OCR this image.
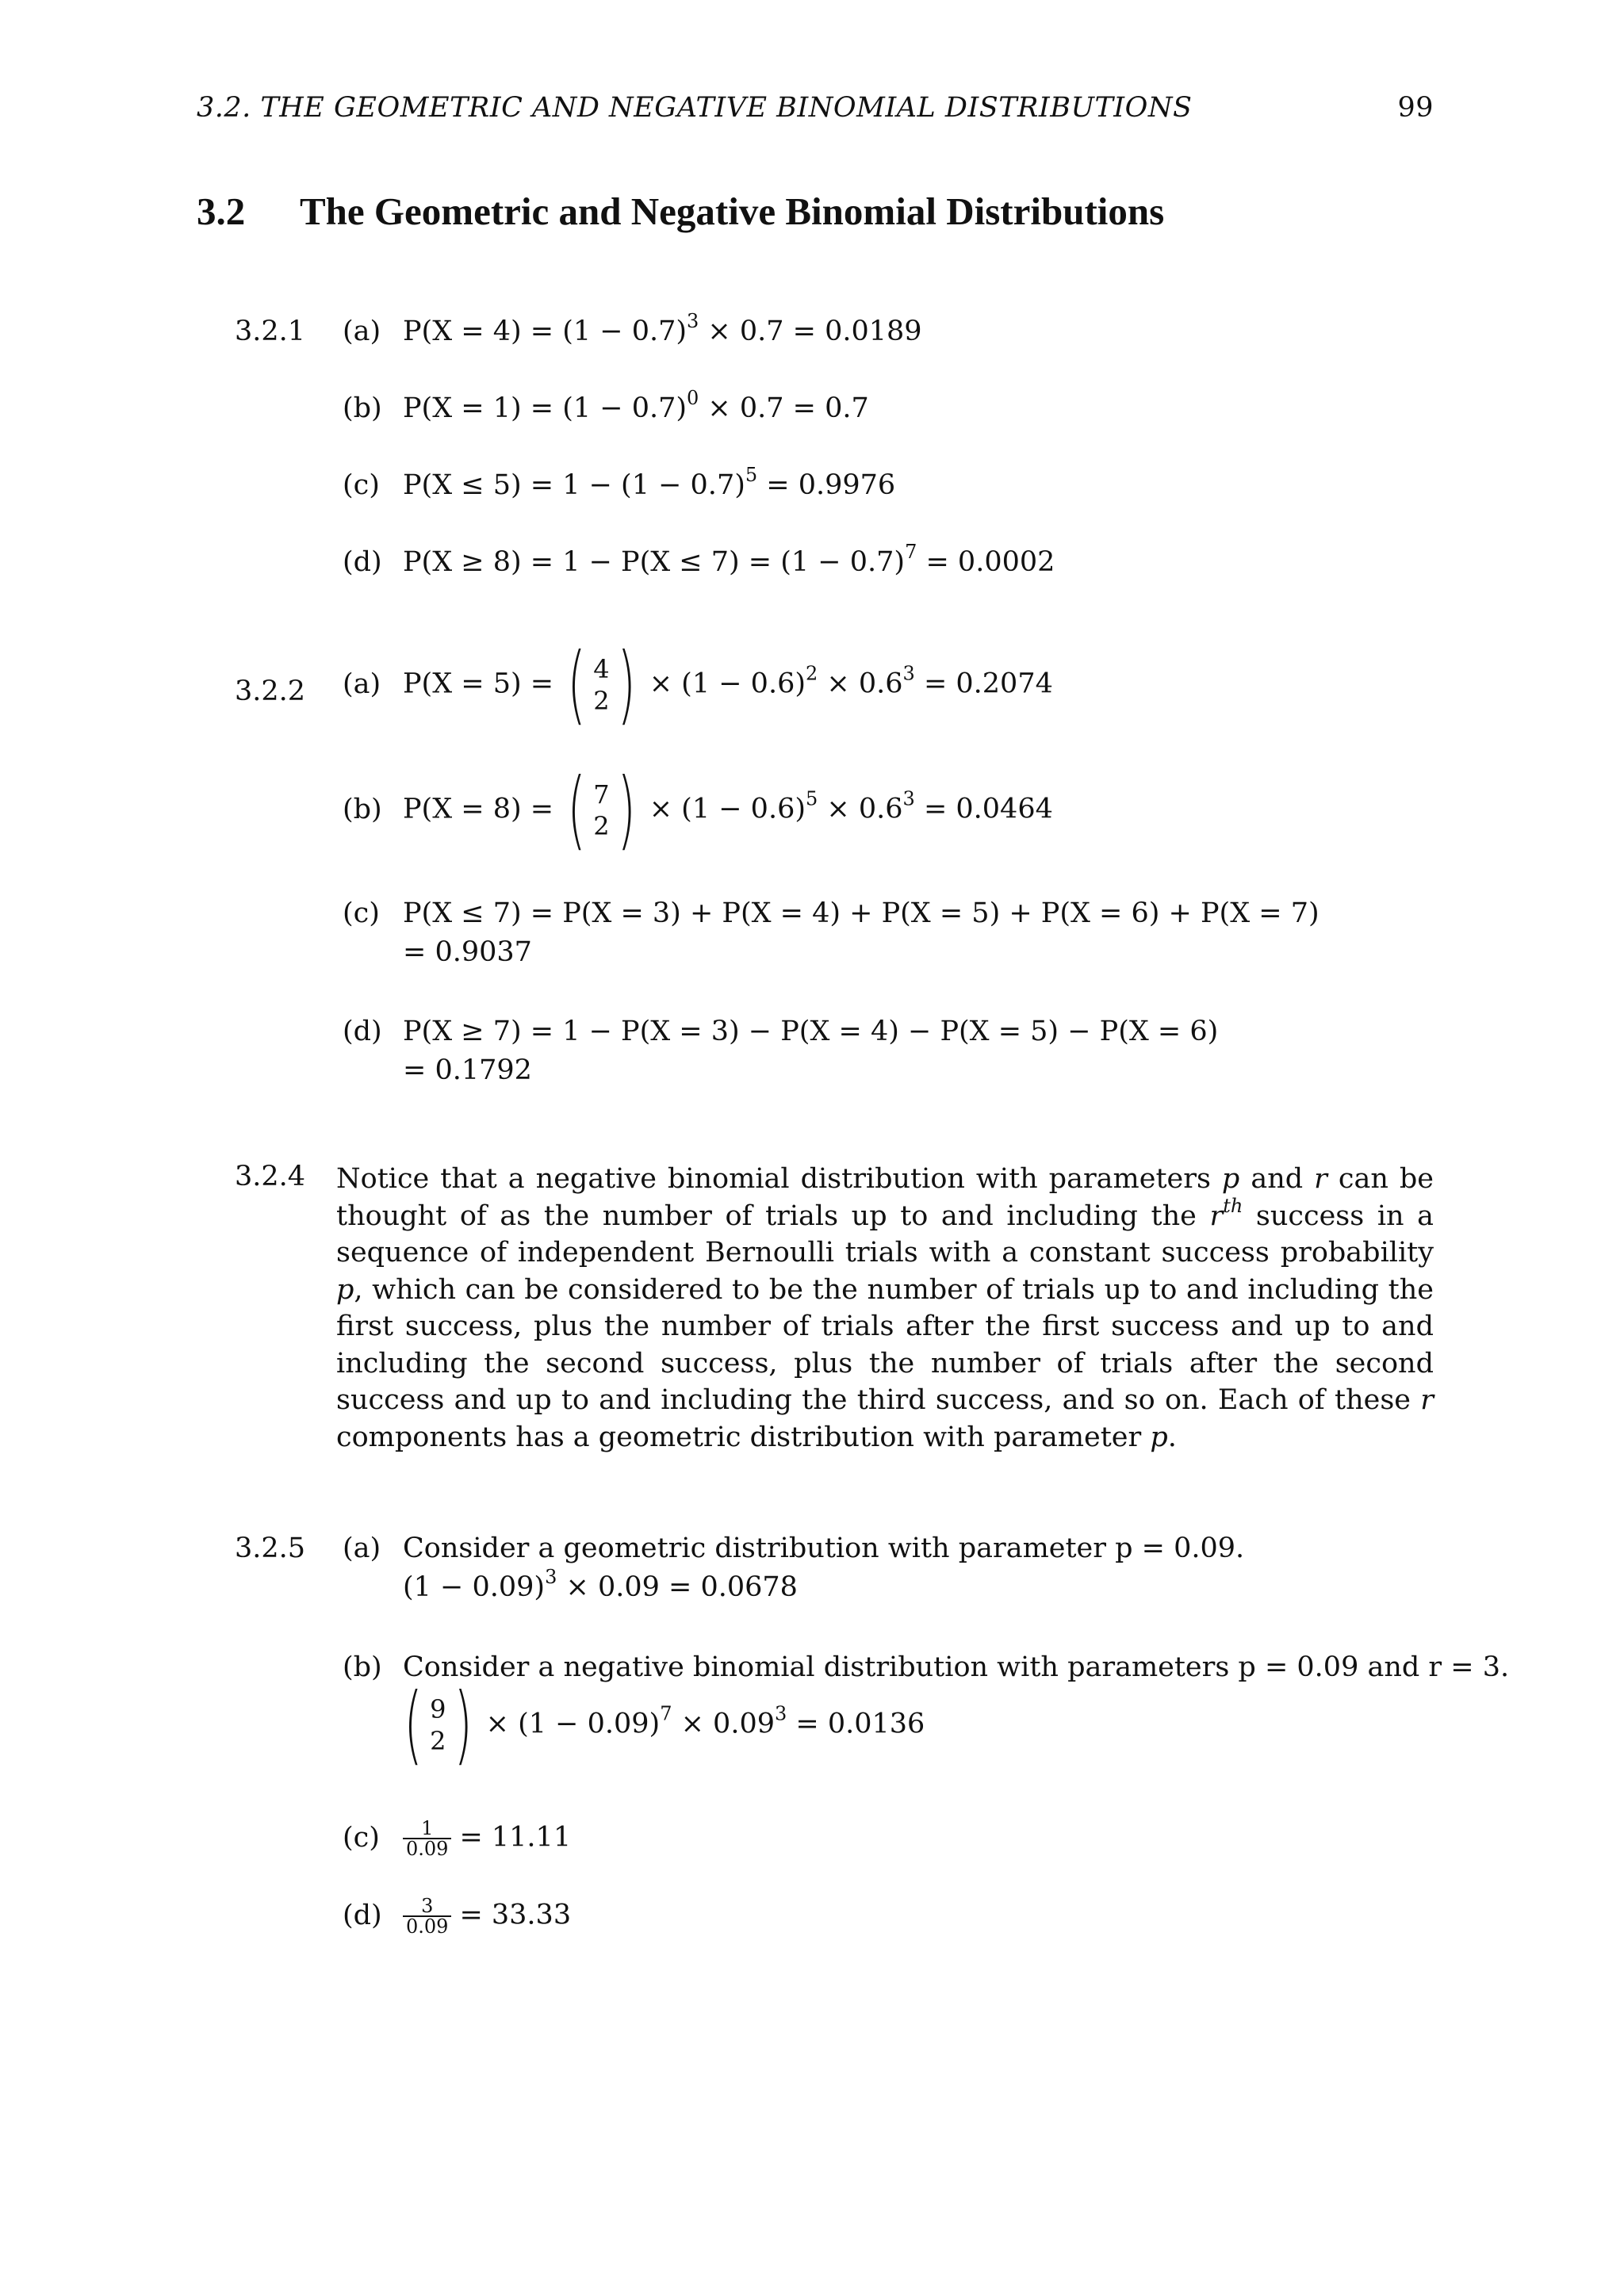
3.2. THE GEOMETRIC AND NEGATIVE BINOMIAL DISTRIBUTIONS	99
3.2 The Geometric and Negative Binomial Distributions
3.2.1 (a) $P(X = 4) = (1 - 0.7)^3 \times 0.7 = 0.0189$
(b) $P(X = 1) = (1 - 0.7)^0 \times 0.7 = 0.7$
(c) $P(X \le 5) = 1 - (1 - 0.7)^5 = 0.9976$
(d) $P(X \ge 8) = 1 - P(X \le 7) = (1 - 0.7)^7 = 0.0002$
3.2.2 (a) P(X = 5) = ( 4
2 ) × $(1 - 0.6)^2 \times 0.6^3 = 0.2074$
(b) P(X = 8) = ( 7
2 ) × $(1 - 0.6)^5 \times 0.6^3 = 0.0464$
(c) P(X ≤ 7) = P(X = 3) + P(X = 4) + P(X = 5) + P(X = 6) + P(X = 7)
= 0.9037
(d) P(X ≥ 7) = 1 − P(X = 3) − P(X = 4) − P(X = 5) − P(X = 6)
= 0.1792
3.2.4 Notice that a negative binomial distribution with parameters p and r can be thought of as the number of trials up to and including the $r^{th}$ success in a sequence of independent Bernoulli trials with a constant success probability p, which can be considered to be the number of trials up to and including the first success, plus the number of trials after the first success and up to and including the second success, plus the number of trials after the second success and up to and including the third success, and so on. Each of these r components has a geometric distribution with parameter p.
3.2.5 (a) Consider a geometric distribution with parameter p = 0.09.
$(1 - 0.09)^3 \times 0.09 = 0.0678$
(b) Consider a negative binomial distribution with parameters p = 0.09 and r = 3.
( 9
2 ) × $(1 - 0.09)^7 \times 0.09^3 = 0.0136$
$(c) \frac{1}{0.09} = 11.11$
$(d) \frac{3}{0.09} = 33.33$
